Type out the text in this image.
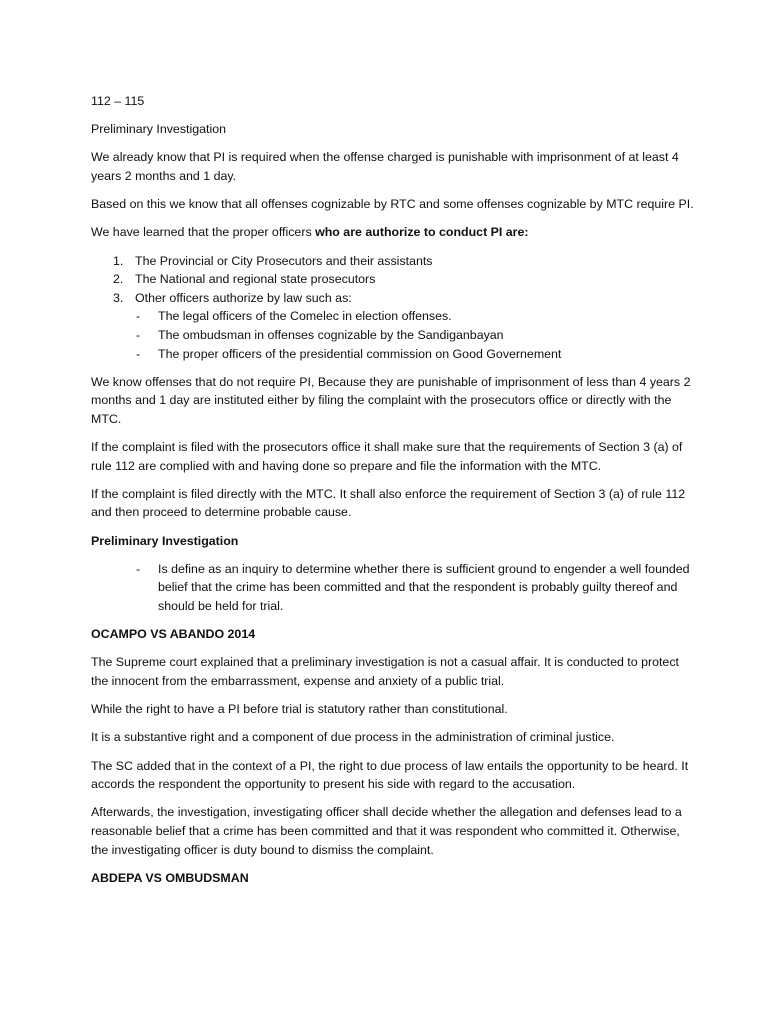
112 – 115

Preliminary Investigation

We already know that PI is required when the offense charged is punishable with imprisonment of at least 4 years 2 months and 1 day.

Based on this we know that all offenses cognizable by RTC and some offenses cognizable by MTC require PI.

We have learned that the proper officers who are authorize to conduct PI are:

1. The Provincial or City Prosecutors and their assistants
2. The National and regional state prosecutors
3. Other officers authorize by law such as:
- The legal officers of the Comelec in election offenses.
- The ombudsman in offenses cognizable by the Sandiganbayan
- The proper officers of the presidential commission on Good Governement

We know offenses that do not require PI, Because they are punishable of imprisonment of less than 4 years 2 months and 1 day are instituted either by filing the complaint with the prosecutors office or directly with the MTC.

If the complaint is filed with the prosecutors office it shall make sure that the requirements of Section 3 (a) of rule 112 are complied with and having done so prepare and file the information with the MTC.

If the complaint is filed directly with the MTC. It shall also enforce the requirement of Section 3 (a) of rule 112 and then proceed to determine probable cause.

Preliminary Investigation

- Is define as an inquiry to determine whether there is sufficient ground to engender a well founded belief that the crime has been committed and that the respondent is probably guilty thereof and should be held for trial.

OCAMPO VS ABANDO 2014

The Supreme court explained that a preliminary investigation is not a casual affair. It is conducted to protect the innocent from the embarrassment, expense and anxiety of a public trial.

While the right to have a PI before trial is statutory rather than constitutional.

It is a substantive right and a component of due process in the administration of criminal justice.

The SC added that in the context of a PI, the right to due process of law entails the opportunity to be heard. It accords the respondent the opportunity to present his side with regard to the accusation.

Afterwards, the investigation, investigating officer shall decide whether the allegation and defenses lead to a reasonable belief that a crime has been committed and that it was respondent who committed it. Otherwise, the investigating officer is duty bound to dismiss the complaint.

ABDEPA VS OMBUDSMAN
